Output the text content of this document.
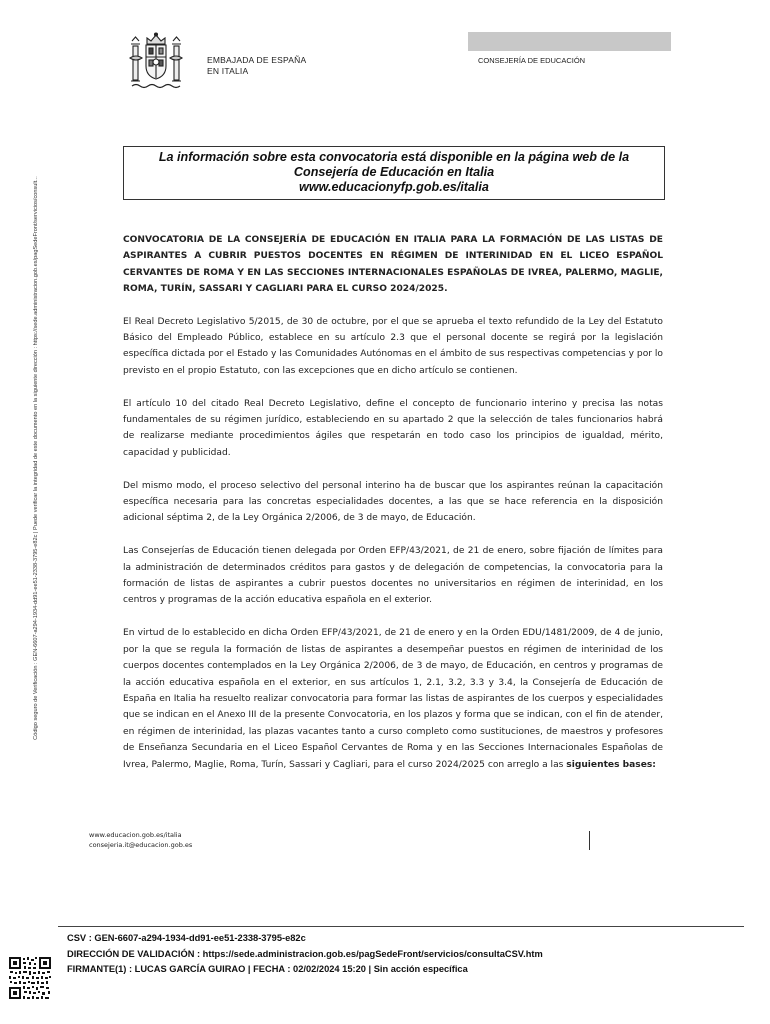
EMBAJADA DE ESPAÑA
EN ITALIA
CONSEJERÍA DE EDUCACIÓN
Código seguro de Verificación : GEN-6607-a294-1934-dd91-ee51-2338-3795-e82c | Puede verificar la integridad de este documento en la siguiente dirección : https://sede.administracion.gob.es/pagSedeFront/servicios/consult...
La información sobre esta convocatoria está disponible en la página web de la
Consejería de Educación en Italia
www.educacionyfp.gob.es/italia
CONVOCATORIA DE LA CONSEJERÍA DE EDUCACIÓN EN ITALIA PARA LA FORMACIÓN DE LAS LISTAS DE ASPIRANTES A CUBRIR PUESTOS DOCENTES EN RÉGIMEN DE INTERINIDAD EN EL LICEO ESPAÑOL CERVANTES DE ROMA Y EN LAS SECCIONES INTERNACIONALES ESPAÑOLAS DE IVREA, PALERMO, MAGLIE, ROMA, TURÍN, SASSARI Y CAGLIARI PARA EL CURSO 2024/2025.

El Real Decreto Legislativo 5/2015, de 30 de octubre, por el que se aprueba el texto refundido de la Ley del Estatuto Básico del Empleado Público, establece en su artículo 2.3 que el personal docente se regirá por la legislación específica dictada por el Estado y las Comunidades Autónomas en el ámbito de sus respectivas competencias y por lo previsto en el propio Estatuto, con las excepciones que en dicho artículo se contienen.

El artículo 10 del citado Real Decreto Legislativo, define el concepto de funcionario interino y precisa las notas fundamentales de su régimen jurídico, estableciendo en su apartado 2 que la selección de tales funcionarios habrá de realizarse mediante procedimientos ágiles que respetarán en todo caso los principios de igualdad, mérito, capacidad y publicidad.

Del mismo modo, el proceso selectivo del personal interino ha de buscar que los aspirantes reúnan la capacitación específica necesaria para las concretas especialidades docentes, a las que se hace referencia en la disposición adicional séptima 2, de la Ley Orgánica 2/2006, de 3 de mayo, de Educación.

Las Consejerías de Educación tienen delegada por Orden EFP/43/2021, de 21 de enero, sobre fijación de límites para la administración de determinados créditos para gastos y de delegación de competencias, la convocatoria para la formación de listas de aspirantes a cubrir puestos docentes no universitarios en régimen de interinidad, en los centros y programas de la acción educativa española en el exterior.

En virtud de lo establecido en dicha Orden EFP/43/2021, de 21 de enero y en la Orden EDU/1481/2009, de 4 de junio, por la que se regula la formación de listas de aspirantes a desempeñar puestos en régimen de interinidad de los cuerpos docentes contemplados en la Ley Orgánica 2/2006, de 3 de mayo, de Educación, en centros y programas de la acción educativa española en el exterior, en sus artículos 1, 2.1, 3.2, 3.3 y 3.4, la Consejería de Educación de España en Italia ha resuelto realizar convocatoria para formar las listas de aspirantes de los cuerpos y especialidades que se indican en el Anexo III de la presente Convocatoria, en los plazos y forma que se indican, con el fin de atender, en régimen de interinidad, las plazas vacantes tanto a curso completo como sustituciones, de maestros y profesores de Enseñanza Secundaria en el Liceo Español Cervantes de Roma y en las Secciones Internacionales Españolas de Ivrea, Palermo, Maglie, Roma, Turín, Sassari y Cagliari, para el curso 2024/2025 con arreglo a las siguientes bases:

www.educacion.gob.es/italia
consejeria.it@educacion.gob.es
CSV : GEN-6607-a294-1934-dd91-ee51-2338-3795-e82c
DIRECCIÓN DE VALIDACIÓN : https://sede.administracion.gob.es/pagSedeFront/servicios/consultaCSV.htm
FIRMANTE(1) : LUCAS GARCÍA GUIRAO | FECHA : 02/02/2024 15:20 | Sin acción específica
